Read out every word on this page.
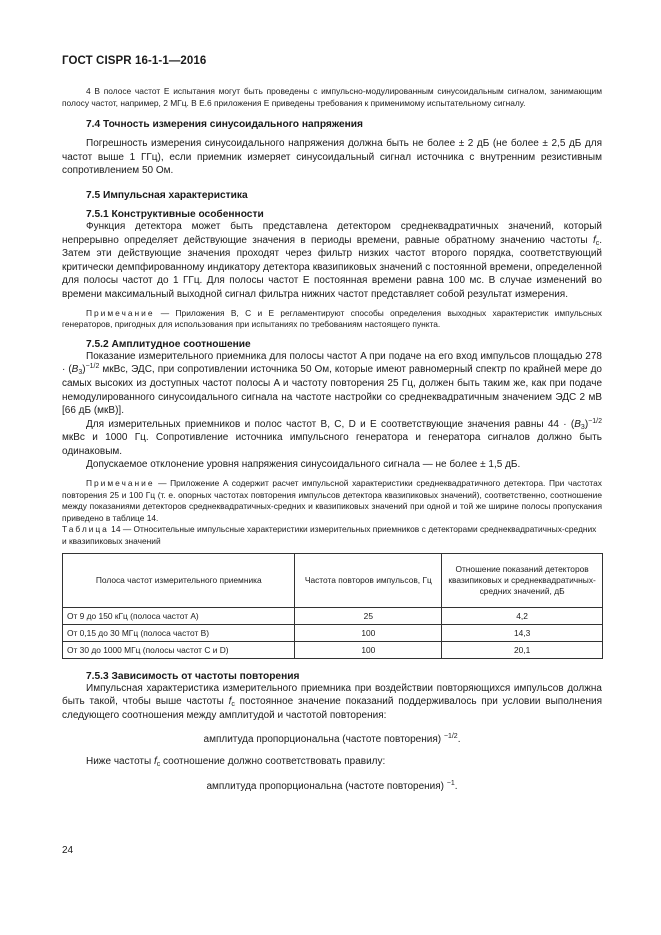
ГОСТ CISPR 16-1-1—2016

4 В полосе частот E испытания могут быть проведены с импульсно-модулированным синусоидальным сигналом, занимающим полосу частот, например, 2 МГц. В Е.6 приложения E приведены требования к применимому испытательному сигналу.

7.4 Точность измерения синусоидального напряжения

Погрешность измерения синусоидального напряжения должна быть не более ± 2 дБ (не более ± 2,5 дБ для частот выше 1 ГГц), если приемник измеряет синусоидальный сигнал источника с внутренним резистивным сопротивлением 50 Ом.

7.5 Импульсная характеристика

7.5.1 Конструктивные особенности

Функция детектора может быть представлена детектором среднеквадратичных значений, который непрерывно определяет действующие значения в периоды времени, равные обратному значению частоты $f_c$. Затем эти действующие значения проходят через фильтр низких частот второго порядка, соответствующий критически демпфированному индикатору детектора квазипиковых значений с постоянной времени, определенной для полосы частот до 1 ГГц. Для полосы частот E постоянная времени равна 100 мс. В случае изменений во времени максимальный выходной сигнал фильтра нижних частот представляет собой результат измерения.

Примечание — Приложения B, C и E регламентируют способы определения выходных характеристик импульсных генераторов, пригодных для использования при испытаниях по требованиям настоящего пункта.

7.5.2 Амплитудное соотношение

Показание измерительного приемника для полосы частот A при подаче на его вход импульсов площадью $278 \cdot (B_3)^{-1/2}$ мкВс, ЭДС, при сопротивлении источника 50 Ом, которые имеют равномерный спектр по крайней мере до самых высоких из доступных частот полосы A и частоту повторения 25 Гц, должен быть таким же, как при подаче немодулированного синусоидального сигнала на частоте настройки со среднеквадратичным значением ЭДС 2 мВ [66 дБ (мкВ)].

Для измерительных приемников и полос частот B, C, D и E соответствующие значения равны $44 \cdot (B_3)^{-1/2}$ мкВс и 1000 Гц. Сопротивление источника импульсного генератора и генератора сигналов должно быть одинаковым.

Допускаемое отклонение уровня напряжения синусоидального сигнала — не более ± 1,5 дБ.

Примечание — Приложение A содержит расчет импульсной характеристики среднеквадратичного детектора. При частотах повторения 25 и 100 Гц (т. е. опорных частотах повторения импульсов детектора квазипиковых значений), соответственно, соотношение между показаниями детекторов среднеквадратичных-средних и квазипиковых значений при одной и той же ширине полосы пропускания приведено в таблице 14.

Таблица 14 — Относительные импульсные характеристики измерительных приемников с детекторами среднеквадратичных-средних и квазипиковых значений

Полоса частот измерительного приемника	Частота повторов импульсов, Гц	Отношение показаний детекторов квазипиковых и среднеквадратичных-средних значений, дБ
От 9 до 150 кГц (полоса частот А)	25	4,2
От 0,15 до 30 МГц (полоса частот В)	100	14,3
От 30 до 1000 МГц (полосы частот С и D)	100	20,1

7.5.3 Зависимость от частоты повторения

Импульсная характеристика измерительного приемника при воздействии повторяющихся импульсов должна быть такой, чтобы выше частоты $f_c$ постоянное значение показаний поддерживалось при условии выполнения следующего соотношения между амплитудой и частотой повторения:

амплитуда пропорциональна (частоте повторения) $^{-1/2}$.

Ниже частоты $f_c$ соотношение должно соответствовать правилу:

амплитуда пропорциональна (частоте повторения) $^{-1}$.

24
